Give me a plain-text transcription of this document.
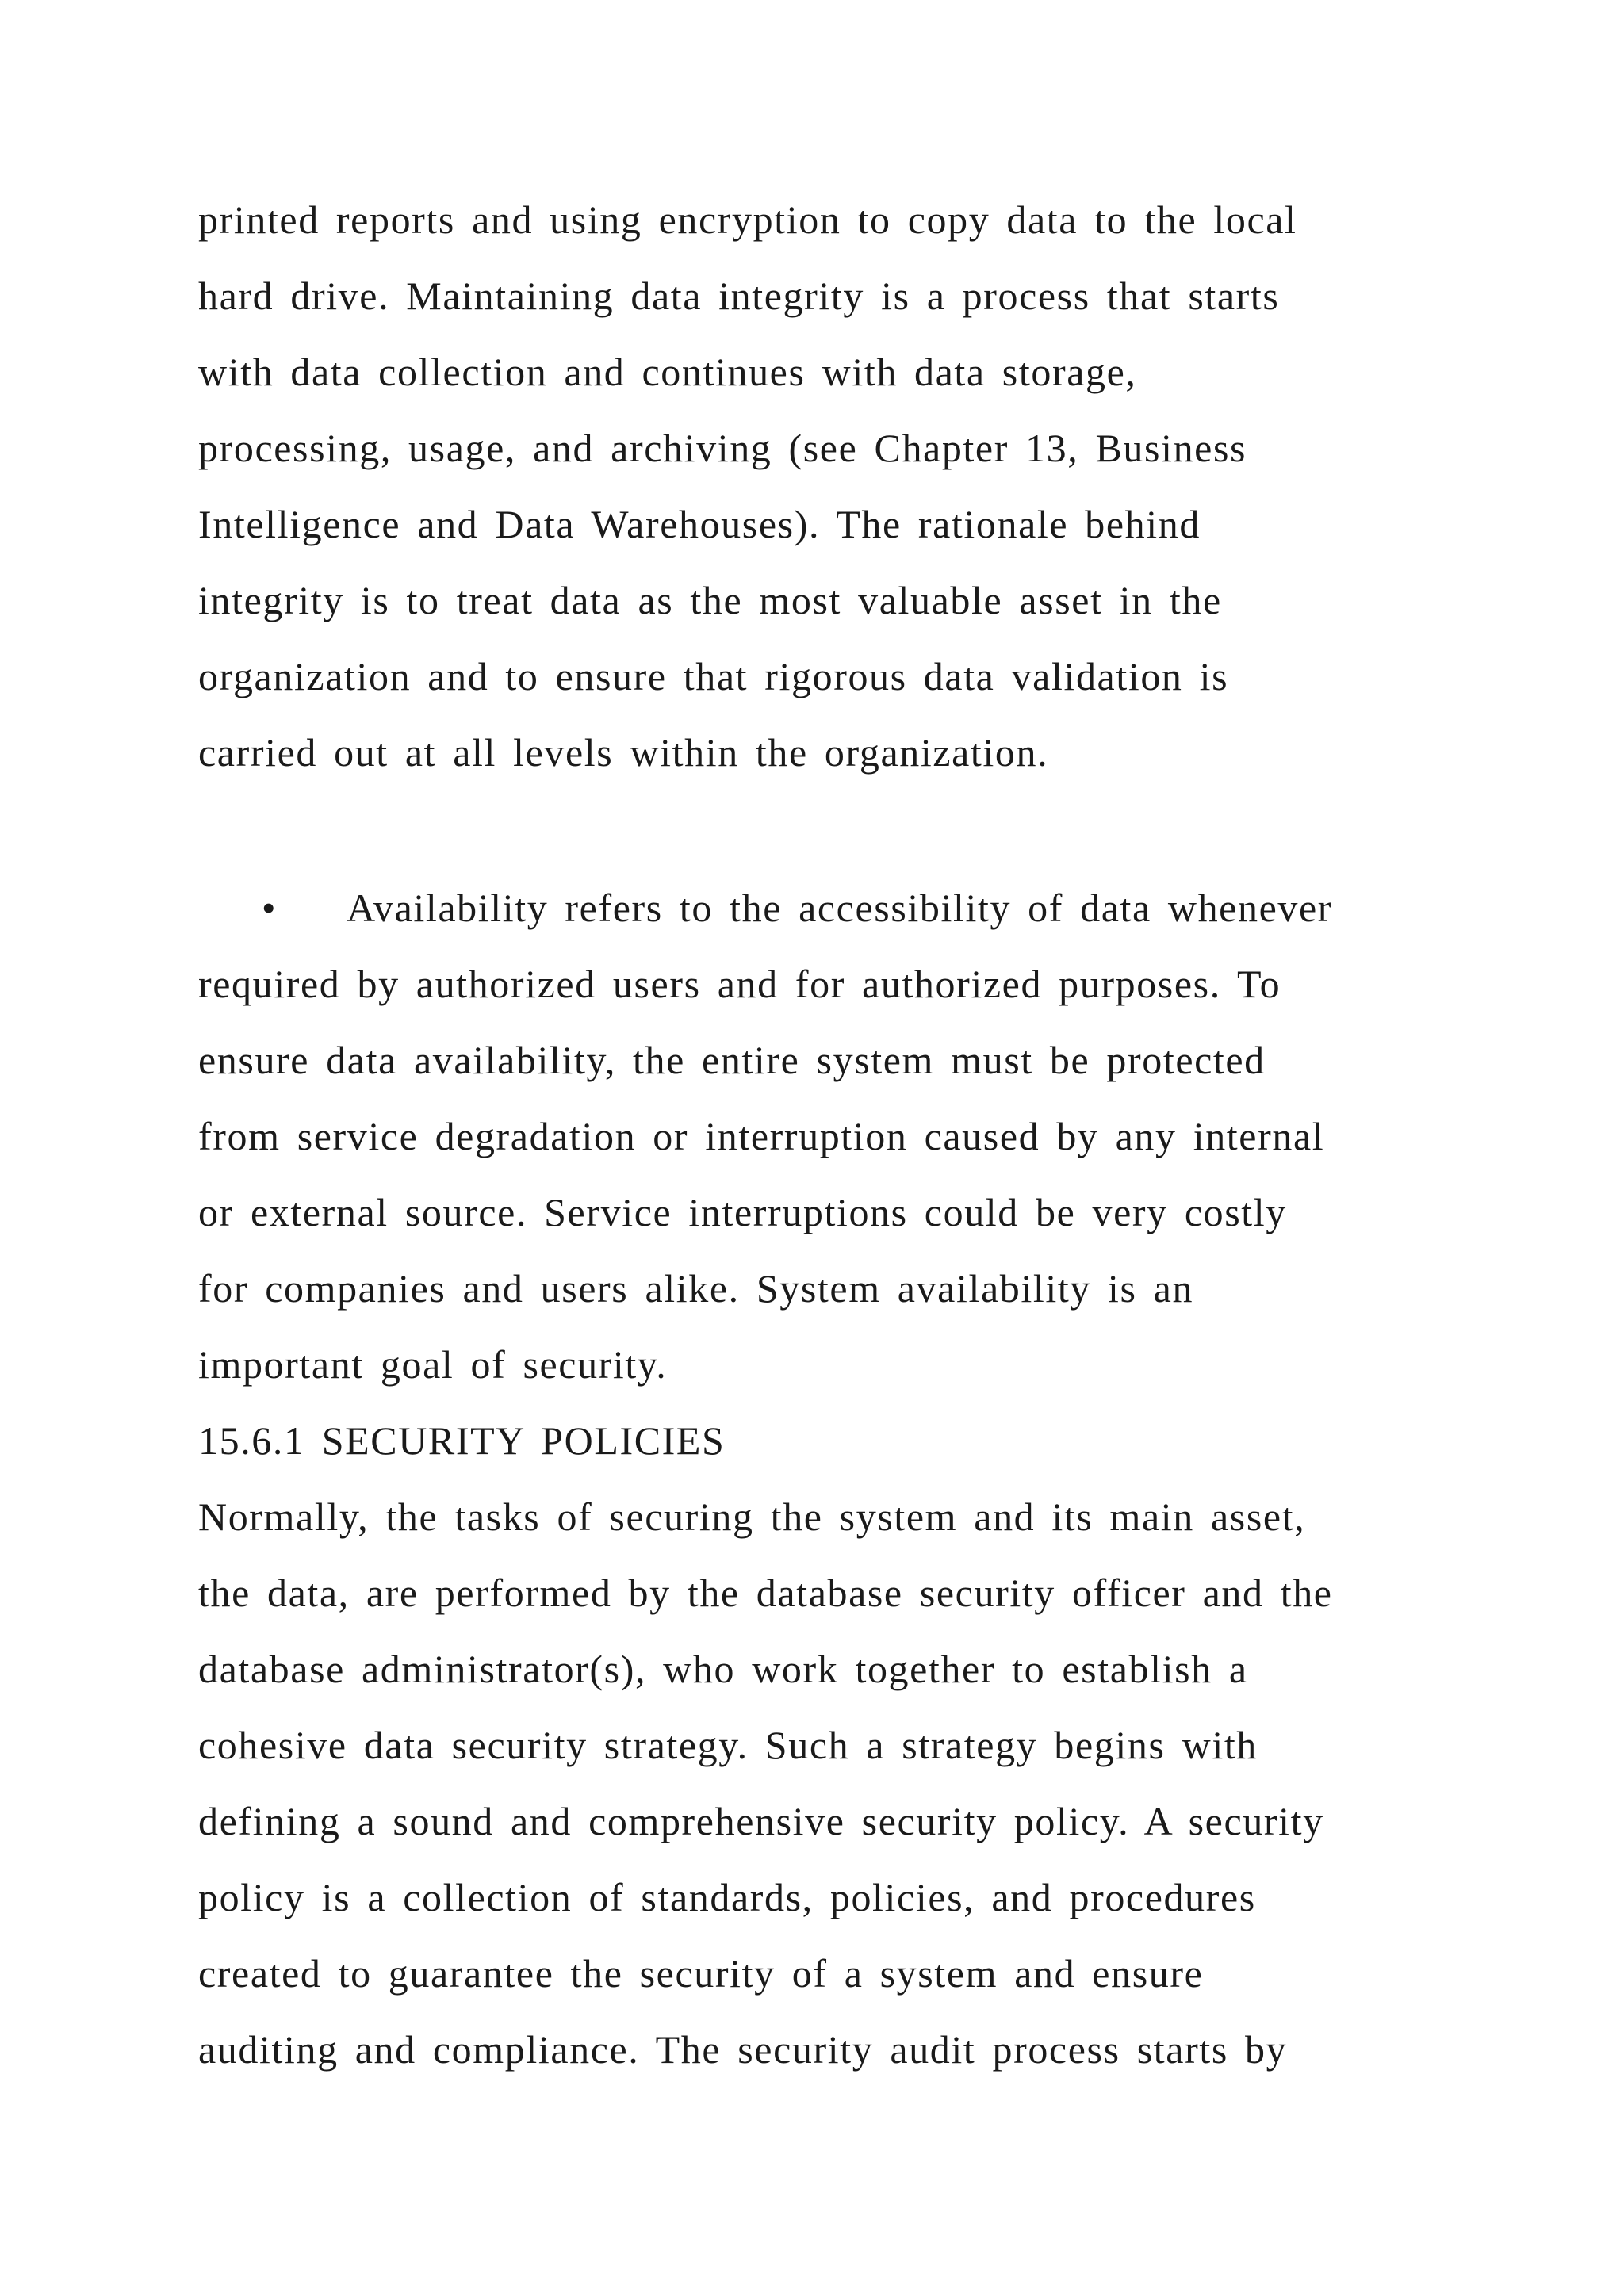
printed reports and using encryption to copy data to the local
hard drive. Maintaining data integrity is a process that starts
with data collection and continues with data storage,
processing, usage, and archiving (see Chapter 13, Business
Intelligence and Data Warehouses). The rationale behind
integrity is to treat data as the most valuable asset in the
organization and to ensure that rigorous data validation is
carried out at all levels within the organization.
• Availability refers to the accessibility of data whenever
required by authorized users and for authorized purposes. To
ensure data availability, the entire system must be protected
from service degradation or interruption caused by any internal
or external source. Service interruptions could be very costly
for companies and users alike. System availability is an
important goal of security.
15.6.1 SECURITY POLICIES
Normally, the tasks of securing the system and its main asset,
the data, are performed by the database security officer and the
database administrator(s), who work together to establish a
cohesive data security strategy. Such a strategy begins with
defining a sound and comprehensive security policy. A security
policy is a collection of standards, policies, and procedures
created to guarantee the security of a system and ensure
auditing and compliance. The security audit process starts by
